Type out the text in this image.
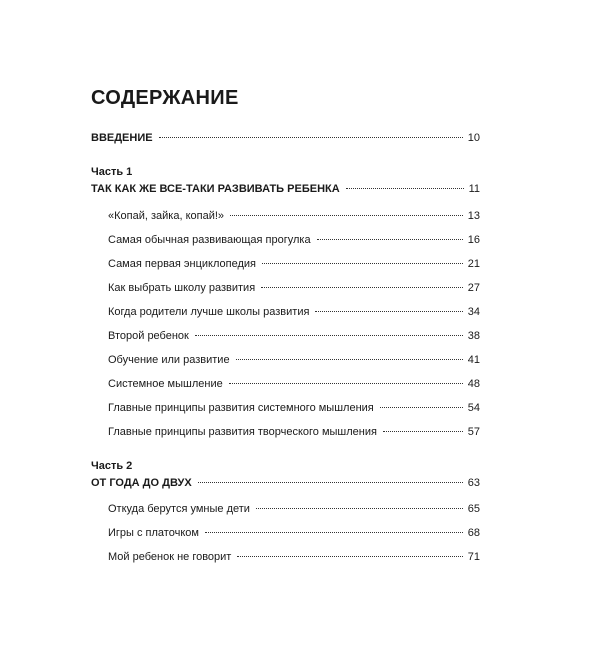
СОДЕРЖАНИЕ
ВВЕДЕНИЕ	10
Часть 1
ТАК КАК ЖЕ ВСЕ-ТАКИ РАЗВИВАТЬ РЕБЕНКА	11
«Копай, зайка, копай!»	13
Самая обычная развивающая прогулка	16
Самая первая энциклопедия	21
Как выбрать школу развития	27
Когда родители лучше школы развития	34
Второй ребенок	38
Обучение или развитие	41
Системное мышление	48
Главные принципы развития системного мышления	54
Главные принципы развития творческого мышления	57
Часть 2
ОТ ГОДА ДО ДВУХ	63
Откуда берутся умные дети	65
Игры с платочком	68
Мой ребенок не говорит	71
